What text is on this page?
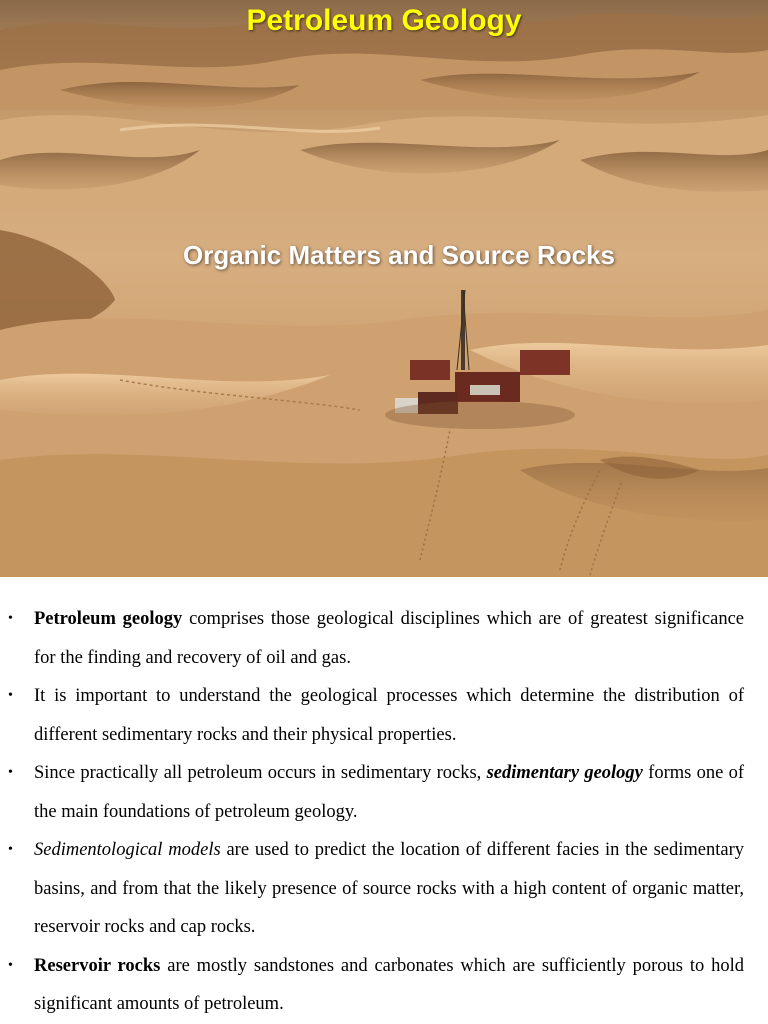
Petroleum Geology
Organic Matters and Source Rocks
• Petroleum geology comprises those geological disciplines which are of greatest significance for the finding and recovery of oil and gas.
• It is important to understand the geological processes which determine the distribution of different sedimentary rocks and their physical properties.
• Since practically all petroleum occurs in sedimentary rocks, sedimentary geology forms one of the main foundations of petroleum geology.
• Sedimentological models are used to predict the location of different facies in the sedimentary basins, and from that the likely presence of source rocks with a high content of organic matter, reservoir rocks and cap rocks.
• Reservoir rocks are mostly sandstones and carbonates which are sufficiently porous to hold significant amounts of petroleum.
